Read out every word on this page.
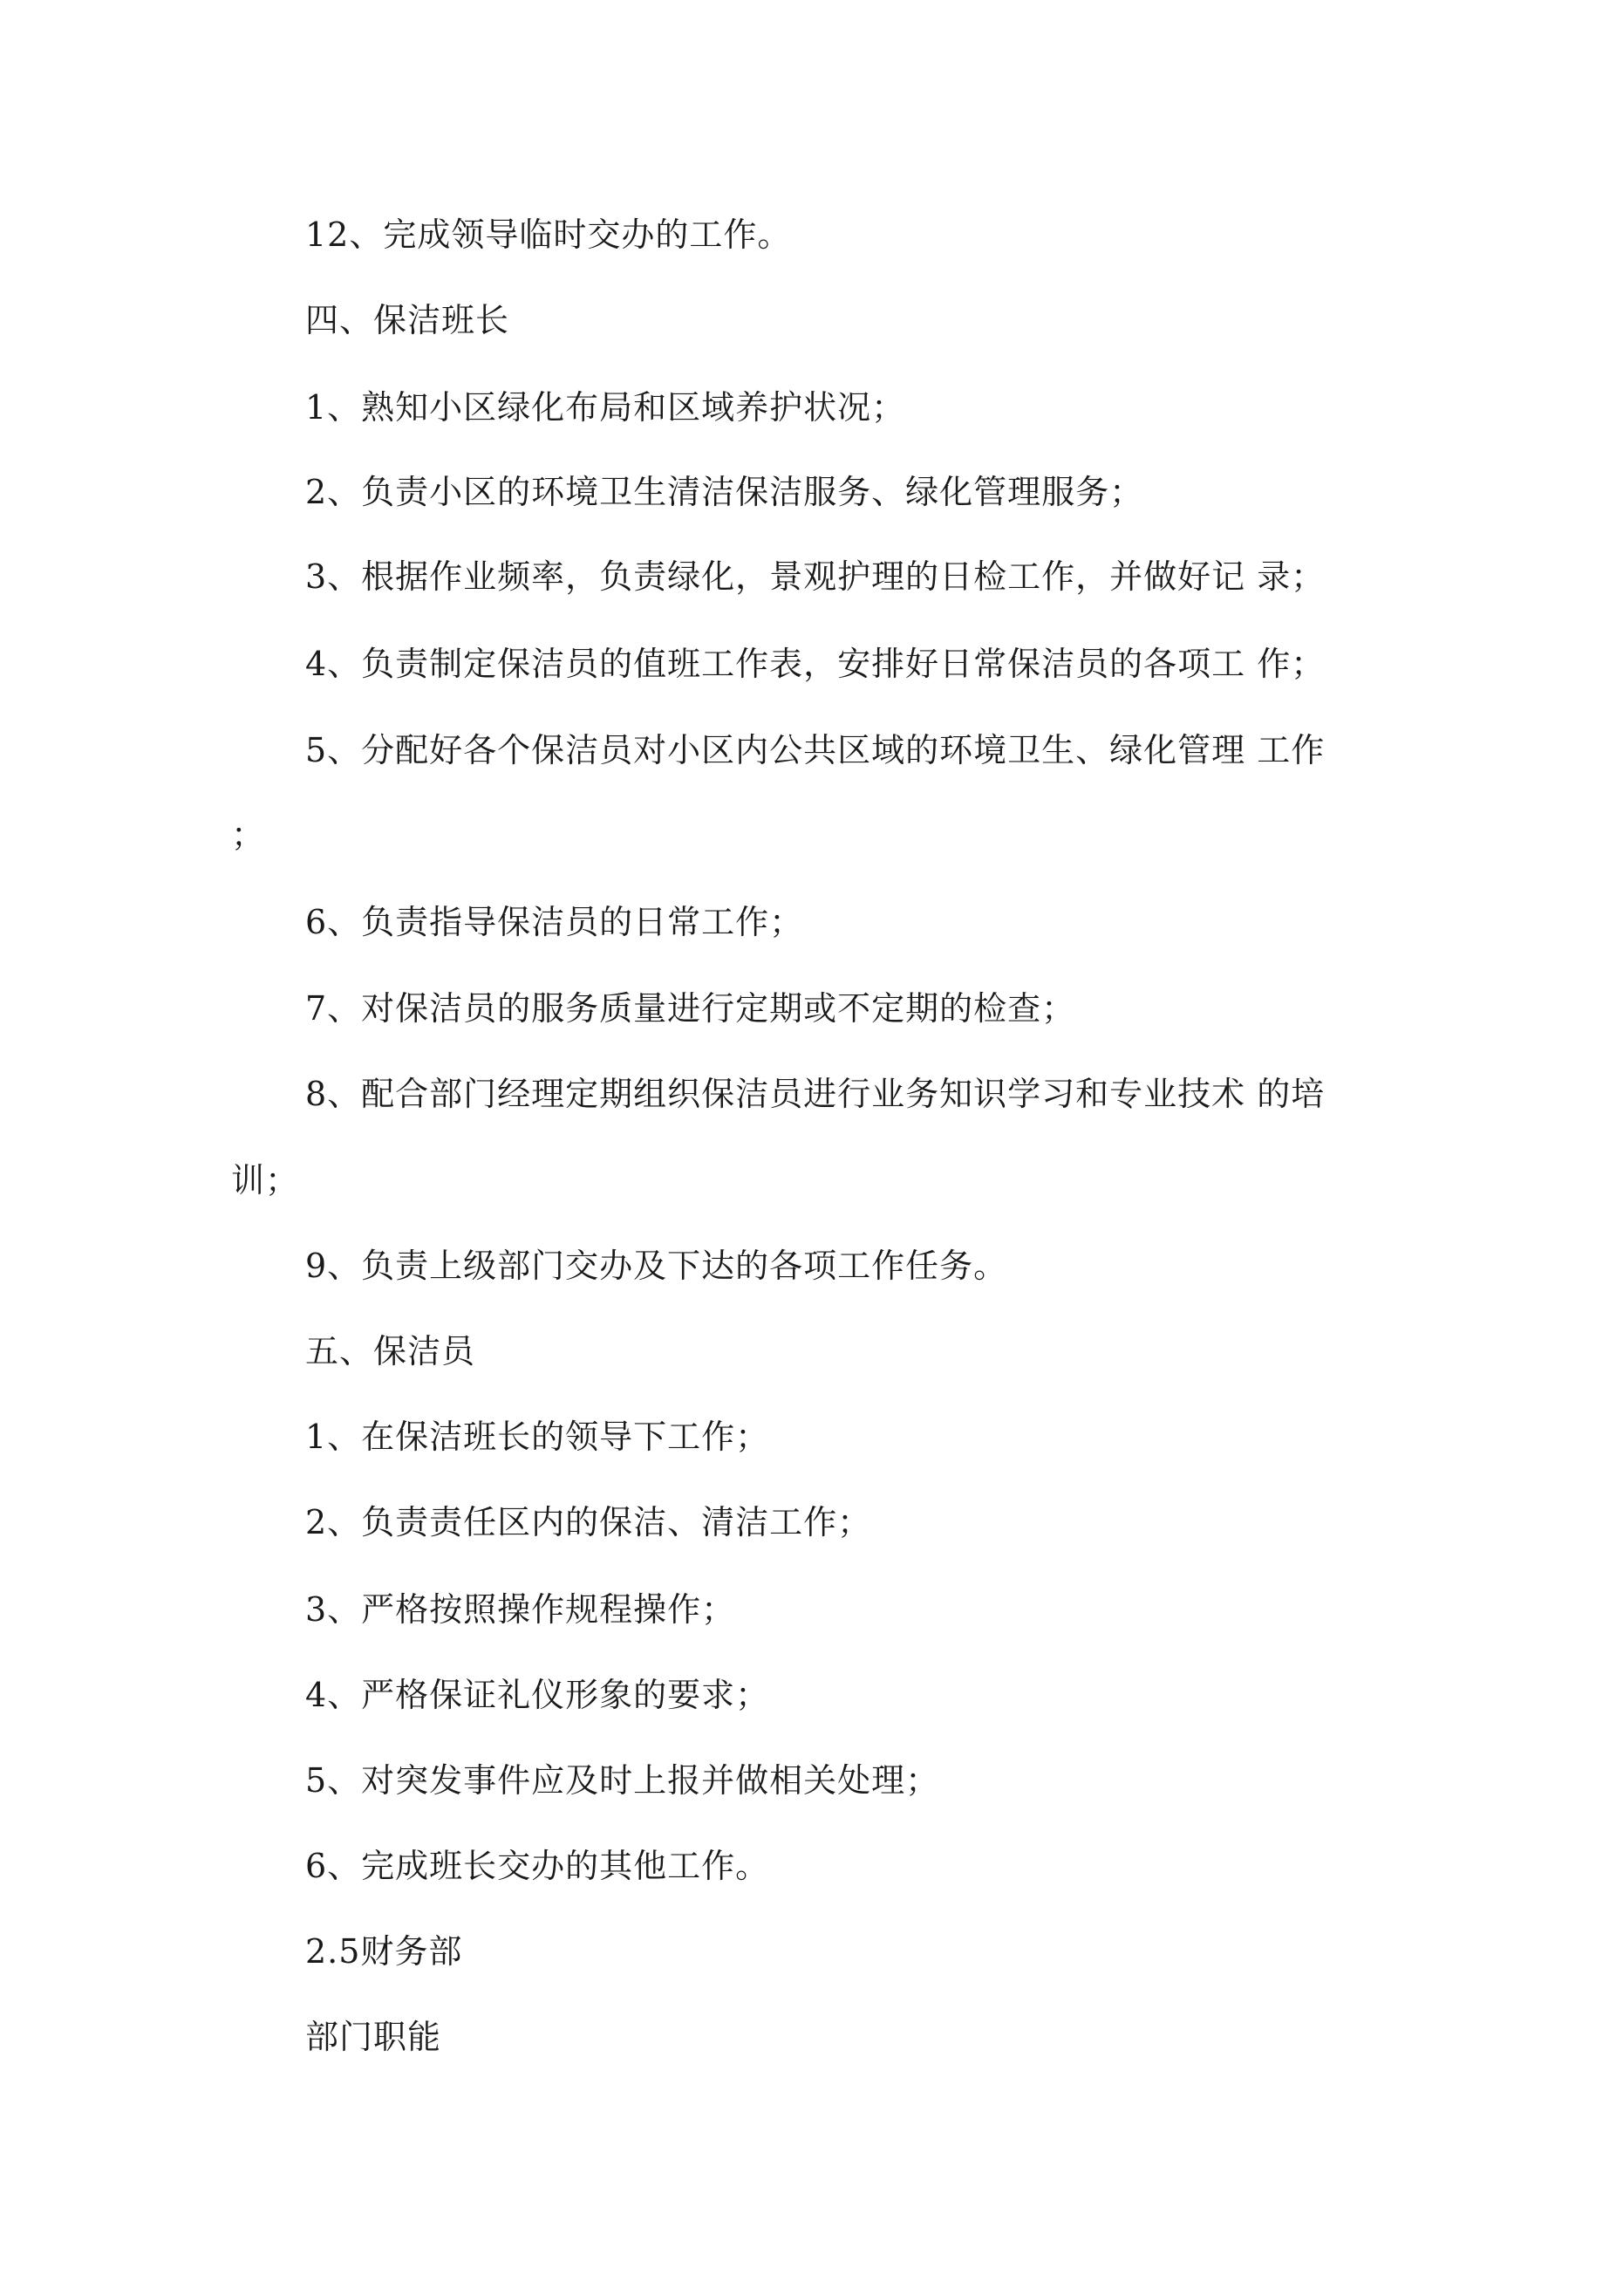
12、完成领导临时交办的工作。
四、保洁班长
1、熟知小区绿化布局和区域养护状况；
2、负责小区的环境卫生清洁保洁服务、绿化管理服务；
3、根据作业频率，负责绿化，景观护理的日检工作，并做好记 录；
4、负责制定保洁员的值班工作表，安排好日常保洁员的各项工 作；
5、分配好各个保洁员对小区内公共区域的环境卫生、绿化管理 工作
；
6、负责指导保洁员的日常工作；
7、对保洁员的服务质量进行定期或不定期的检查；
8、配合部门经理定期组织保洁员进行业务知识学习和专业技术 的培
训；
9、负责上级部门交办及下达的各项工作任务。
五、保洁员
1、在保洁班长的领导下工作；
2、负责责任区内的保洁、清洁工作；
3、严格按照操作规程操作；
4、严格保证礼仪形象的要求；
5、对突发事件应及时上报并做相关处理；
6、完成班长交办的其他工作。
2.5财务部
部门职能
